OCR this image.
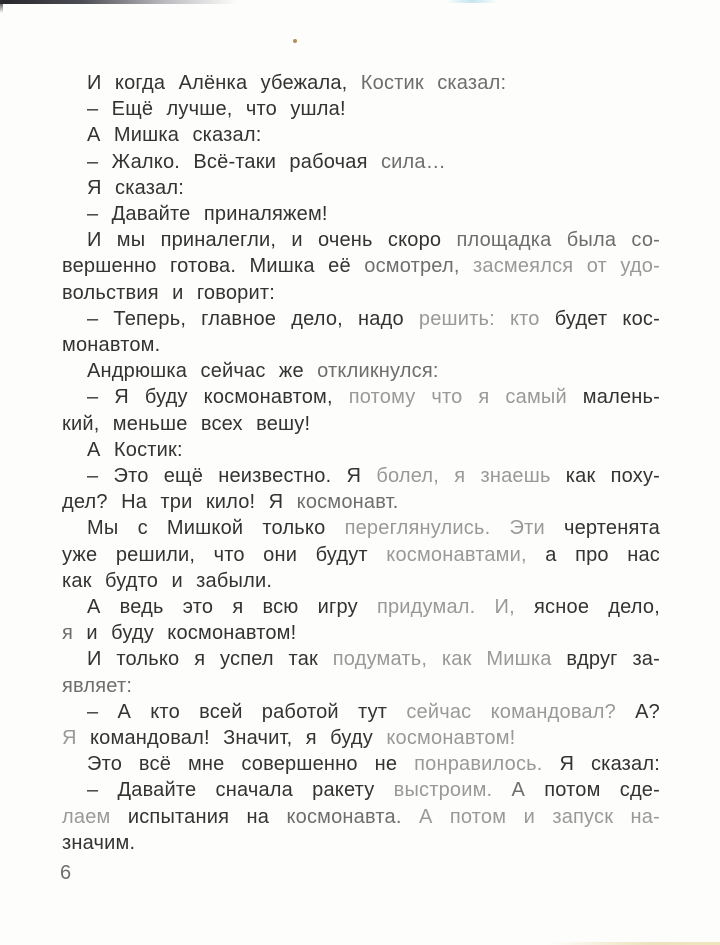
И когда Алёнка убежала, Костик сказал:
– Ещё лучше, что ушла!
А Мишка сказал:
– Жалко. Всё-таки рабочая сила…
Я сказал:
– Давайте приналяжем!
И мы приналегли, и очень скоро площадка была со-
вершенно готова. Мишка её осмотрел, засмеялся от удо-
вольствия и говорит:
– Теперь, главное дело, надо решить: кто будет кос-
монавтом.
Андрюшка сейчас же откликнулся:
– Я буду космонавтом, потому что я самый малень-
кий, меньше всех вешу!
А Костик:
– Это ещё неизвестно. Я болел, я знаешь как поху-
дел? На три кило! Я космонавт.
Мы с Мишкой только переглянулись. Эти чертенята
уже решили, что они будут космонавтами, а про нас
как будто и забыли.
А ведь это я всю игру придумал. И, ясное дело,
я и буду космонавтом!
И только я успел так подумать, как Мишка вдруг за-
являет:
– А кто всей работой тут сейчас командовал? А?
Я командовал! Значит, я буду космонавтом!
Это всё мне совершенно не понравилось. Я сказал:
– Давайте сначала ракету выстроим. А потом сде-
лаем испытания на космонавта. А потом и запуск на-
значим.
6
